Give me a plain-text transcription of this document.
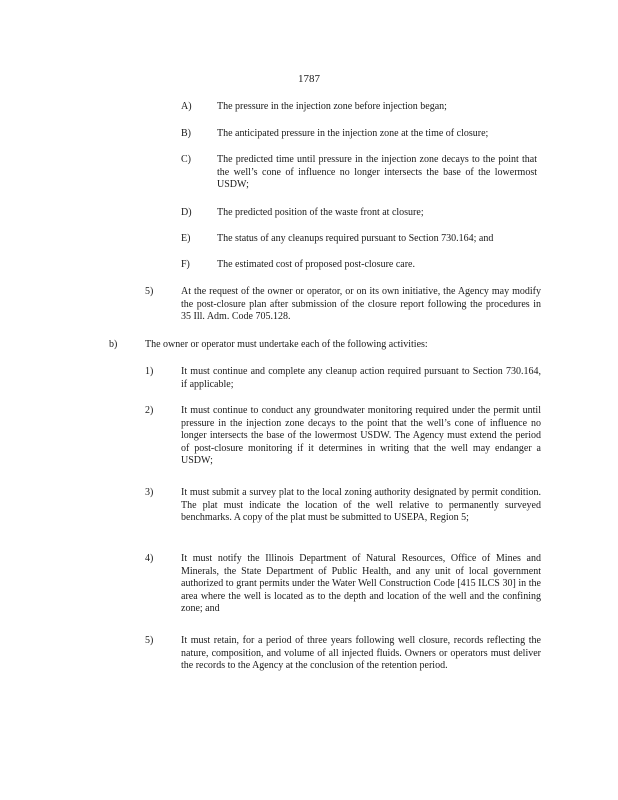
1787
A)	The pressure in the injection zone before injection began;
B)	The anticipated pressure in the injection zone at the time of closure;
C)	The predicted time until pressure in the injection zone decays to the point that the well’s cone of influence no longer intersects the base of the lowermost USDW;
D)	The predicted position of the waste front at closure;
E)	The status of any cleanups required pursuant to Section 730.164; and
F)	The estimated cost of proposed post-closure care.
5)	At the request of the owner or operator, or on its own initiative, the Agency may modify the post-closure plan after submission of the closure report following the procedures in 35 Ill. Adm. Code 705.128.
b)	The owner or operator must undertake each of the following activities:
1)	It must continue and complete any cleanup action required pursuant to Section 730.164, if applicable;
2)	It must continue to conduct any groundwater monitoring required under the permit until pressure in the injection zone decays to the point that the well’s cone of influence no longer intersects the base of the lowermost USDW. The Agency must extend the period of post-closure monitoring if it determines in writing that the well may endanger a USDW;
3)	It must submit a survey plat to the local zoning authority designated by permit condition. The plat must indicate the location of the well relative to permanently surveyed benchmarks. A copy of the plat must be submitted to USEPA, Region 5;
4)	It must notify the Illinois Department of Natural Resources, Office of Mines and Minerals, the State Department of Public Health, and any unit of local government authorized to grant permits under the Water Well Construction Code [415 ILCS 30] in the area where the well is located as to the depth and location of the well and the confining zone; and
5)	It must retain, for a period of three years following well closure, records reflecting the nature, composition, and volume of all injected fluids. Owners or operators must deliver the records to the Agency at the conclusion of the retention period.
